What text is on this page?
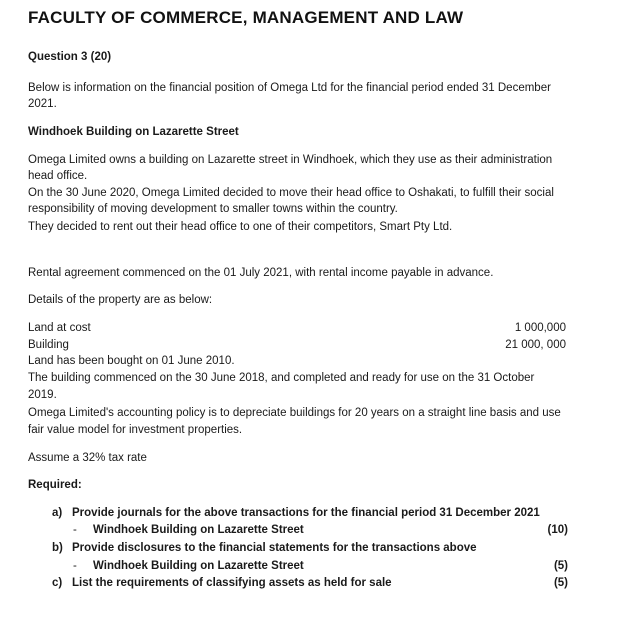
FACULTY OF COMMERCE, MANAGEMENT AND LAW
Question 3 (20)
Below is information on the financial position of Omega Ltd for the financial period ended 31 December
2021.
Windhoek Building on Lazarette Street
Omega Limited owns a building on Lazarette street in Windhoek, which they use as their administration
head office.
On the 30 June 2020, Omega Limited decided to move their head office to Oshakati, to fulfill their social
responsibility of moving development to smaller towns within the country.
They decided to rent out their head office to one of their competitors, Smart Pty Ltd.
Rental agreement commenced on the 01 July 2021, with rental income payable in advance.
Details of the property are as below:
Land at cost	1 000,000
Building	21 000, 000
Land has been bought on 01 June 2010.
The building commenced on the 30 June 2018, and completed and ready for use on the 31 October
2019.
Omega Limited's accounting policy is to depreciate buildings for 20 years on a straight line basis and use
fair value model for investment properties.
Assume a 32% tax rate
Required:
a) Provide journals for the above transactions for the financial period 31 December 2021
- Windhoek Building on Lazarette Street	(10)
b) Provide disclosures to the financial statements for the transactions above
- Windhoek Building on Lazarette Street	(5)
c) List the requirements of classifying assets as held for sale	(5)
